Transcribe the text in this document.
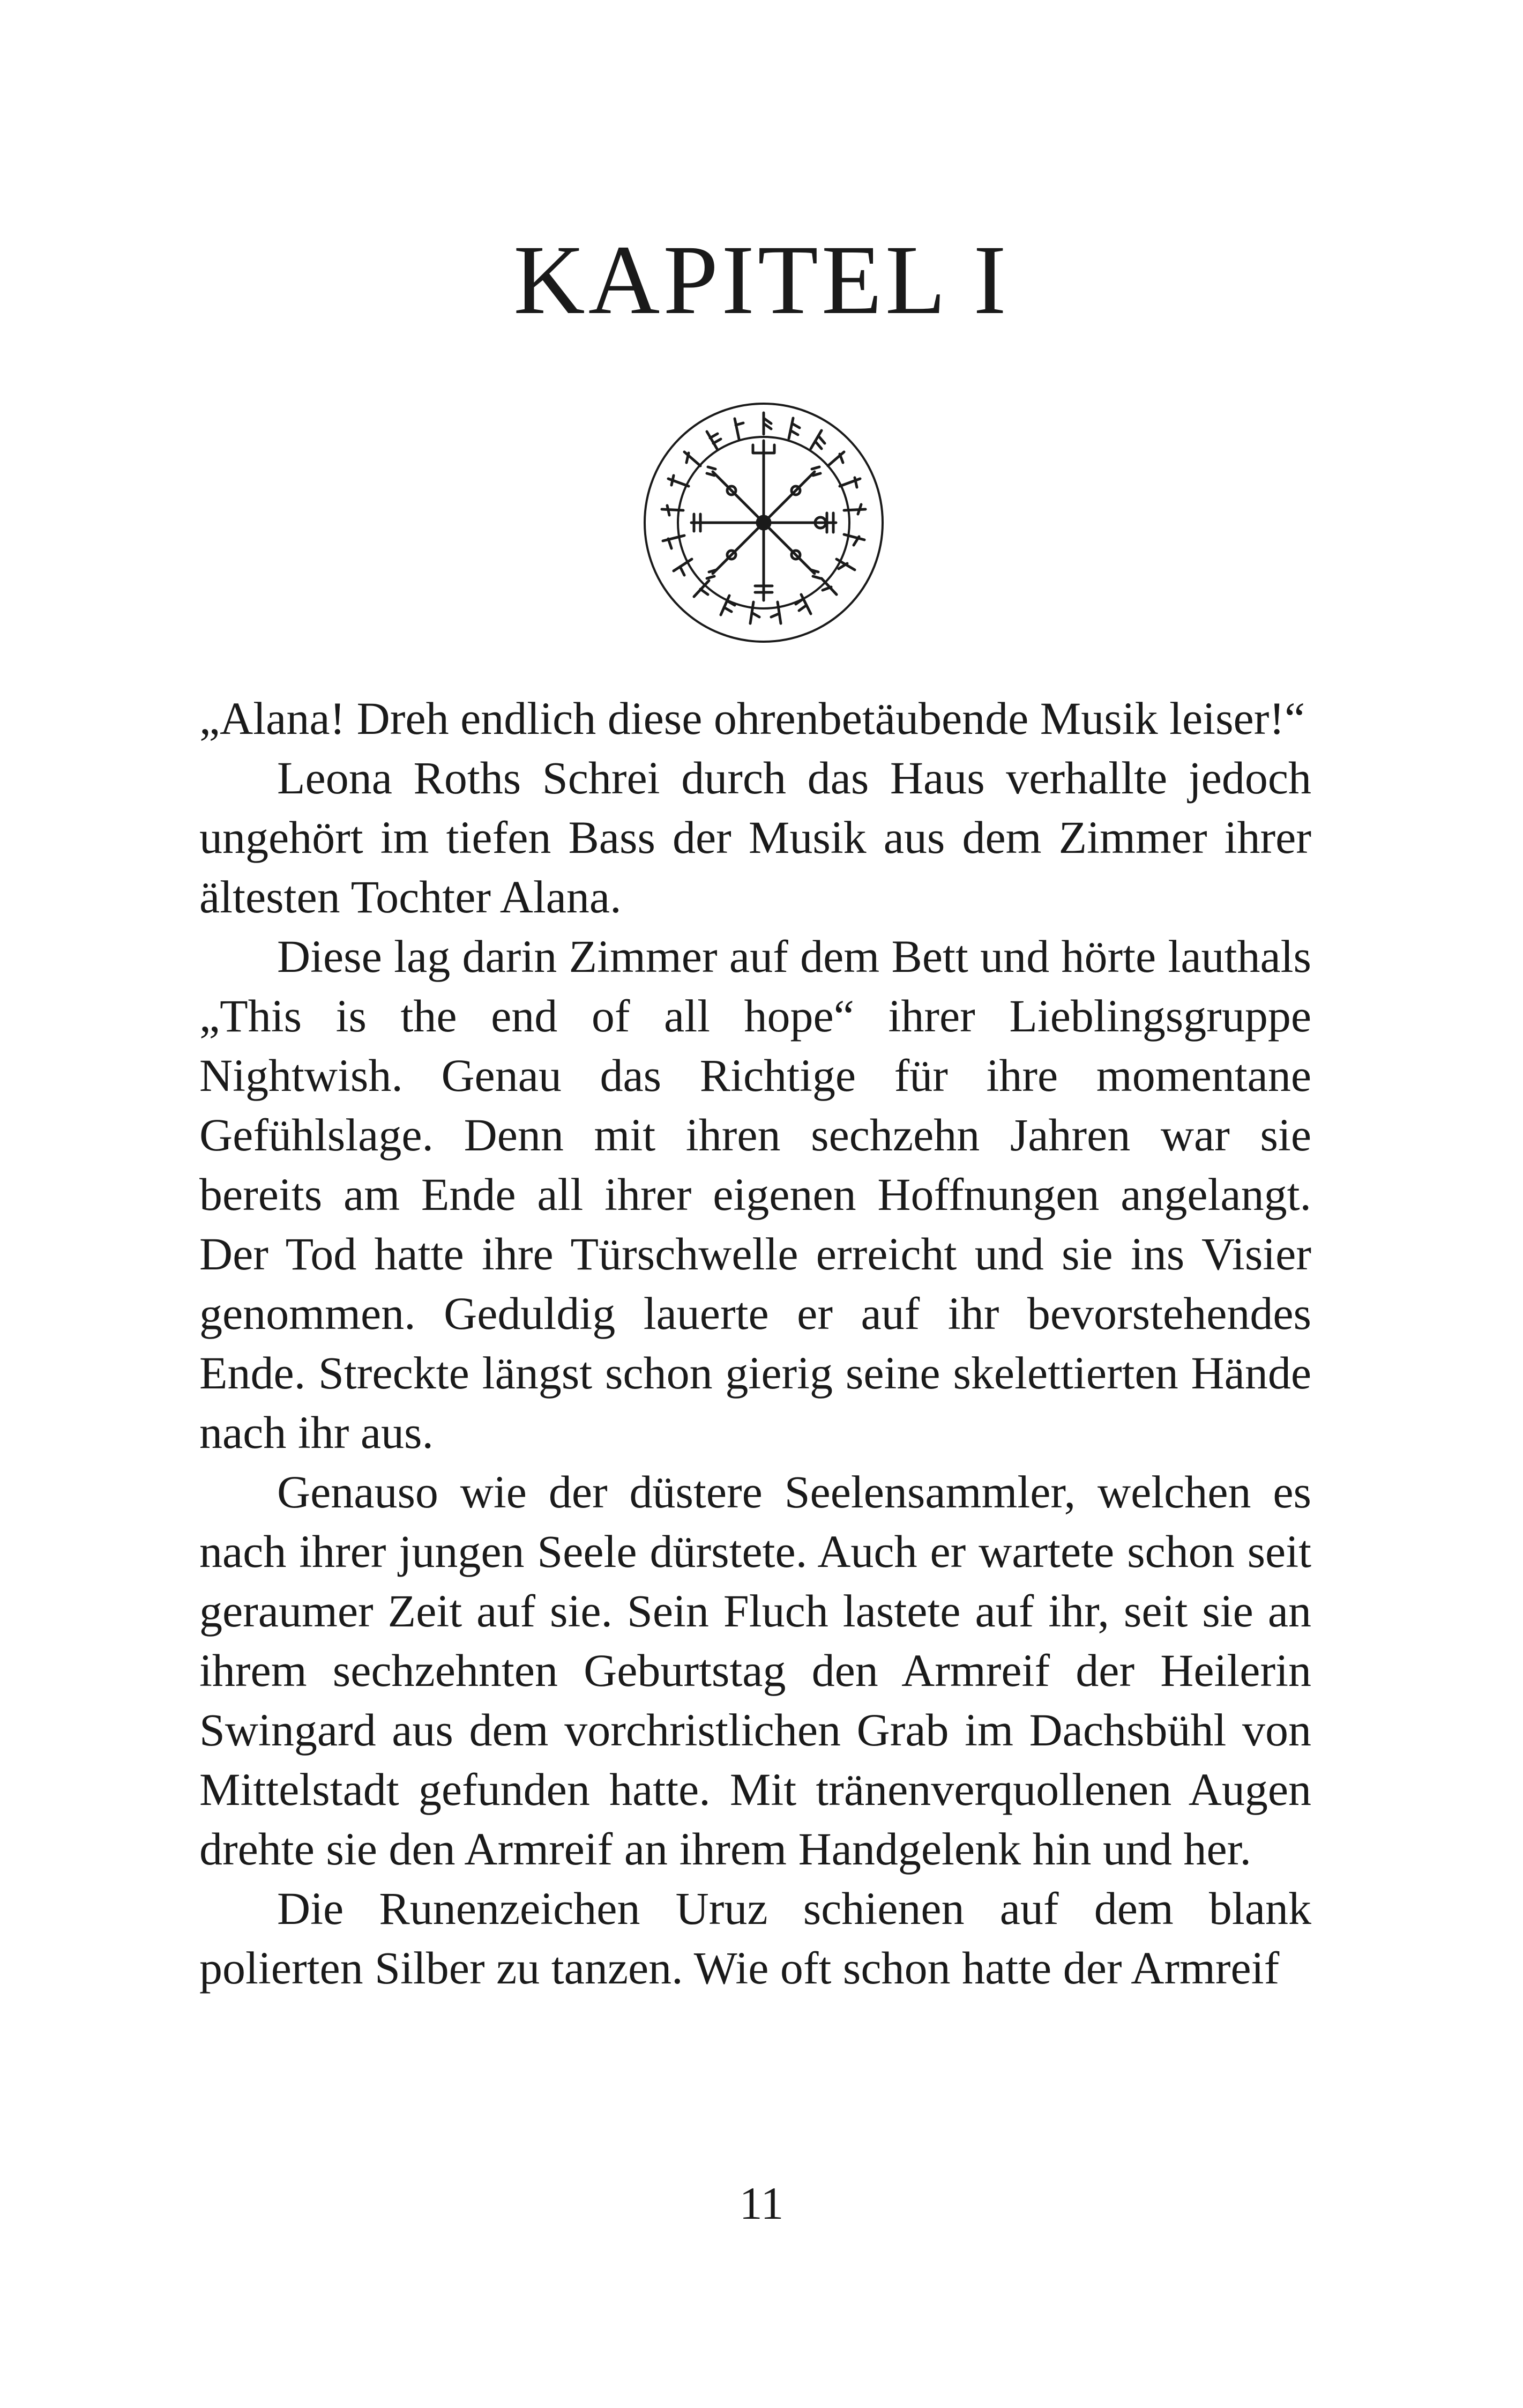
KAPITEL I

„Alana! Dreh endlich diese ohrenbetäubende Musik leiser!“

Leona Roths Schrei durch das Haus verhallte jedoch ungehört im tiefen Bass der Musik aus dem Zimmer ihrer ältesten Tochter Alana.

Diese lag darin Zimmer auf dem Bett und hörte lauthals „This is the end of all hope“ ihrer Lieblingsgruppe Nightwish. Genau das Richtige für ihre momentane Gefühlslage. Denn mit ihren sechzehn Jahren war sie bereits am Ende all ihrer eigenen Hoffnungen angelangt. Der Tod hatte ihre Türschwelle erreicht und sie ins Visier genommen. Geduldig lauerte er auf ihr bevorstehendes Ende. Streckte längst schon gierig seine skelettierten Hände nach ihr aus.

Genauso wie der düstere Seelensammler, welchen es nach ihrer jungen Seele dürstete. Auch er wartete schon seit geraumer Zeit auf sie. Sein Fluch lastete auf ihr, seit sie an ihrem sechzehnten Geburtstag den Armreif der Heilerin Swingard aus dem vorchristlichen Grab im Dachsbühl von Mittelstadt gefunden hatte. Mit tränenverquollenen Augen drehte sie den Armreif an ihrem Handgelenk hin und her.

Die Runenzeichen Uruz schienen auf dem blank polierten Silber zu tanzen. Wie oft schon hatte der Armreif

11
